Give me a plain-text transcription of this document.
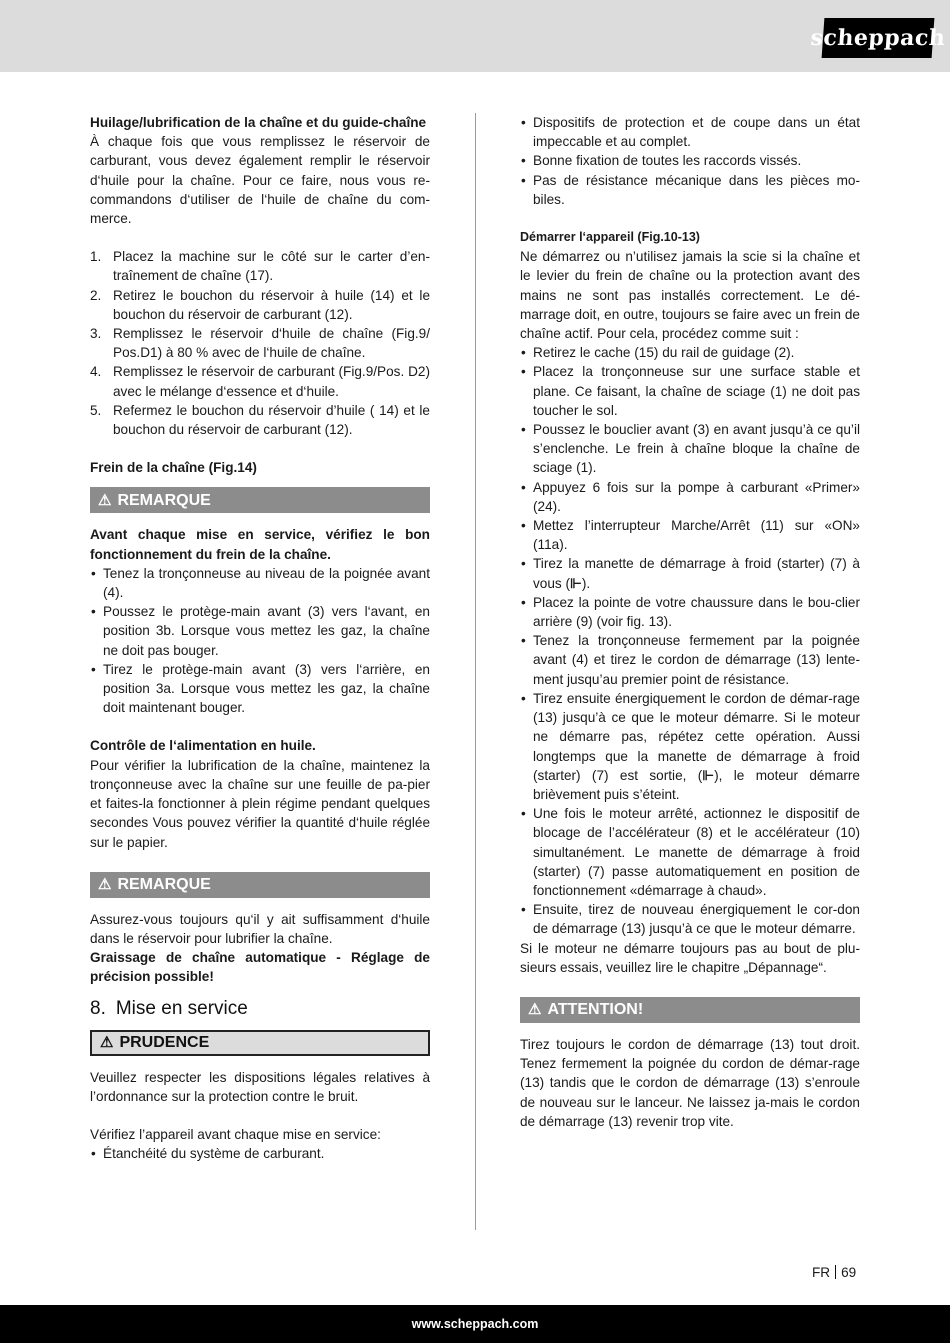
scheppach

Huilage/lubrification de la chaîne et du guide-chaîne

À chaque fois que vous remplissez le réservoir de carburant, vous devez également remplir le réservoir d‘huile pour la chaîne. Pour ce faire, nous vous re-commandons d‘utiliser de l‘huile de chaîne du com-merce.

1. Placez la machine sur le côté sur le carter d’en-traînement de chaîne (17).
2. Retirez le bouchon du réservoir à huile (14) et le bouchon du réservoir de carburant (12).
3. Remplissez le réservoir d‘huile de chaîne (Fig.9/ Pos.D1) à 80 % avec de l‘huile de chaîne.
4. Remplissez le réservoir de carburant (Fig.9/Pos. D2) avec le mélange d‘essence et d‘huile.
5. Refermez le bouchon du réservoir d’huile ( 14) et le bouchon du réservoir de carburant (12).

Frein de la chaîne (Fig.14)

⚠ REMARQUE

Avant chaque mise en service, vérifiez le bon fonctionnement du frein de la chaîne.

• Tenez la tronçonneuse au niveau de la poignée avant (4).
• Poussez le protège-main avant (3) vers l‘avant, en position 3b. Lorsque vous mettez les gaz, la chaîne ne doit pas bouger.
• Tirez le protège-main avant (3) vers l‘arrière, en position 3a. Lorsque vous mettez les gaz, la chaîne doit maintenant bouger.

Contrôle de l‘alimentation en huile.

Pour vérifier la lubrification de la chaîne, maintenez la tronçonneuse avec la chaîne sur une feuille de pa-pier et faites-la fonctionner à plein régime pendant quelques secondes Vous pouvez vérifier la quantité d‘huile réglée sur le papier.

⚠ REMARQUE

Assurez-vous toujours qu‘il y ait suffisamment d‘huile dans le réservoir pour lubrifier la chaîne.

Graissage de chaîne automatique - Réglage de précision possible!

8. Mise en service
⚠ PRUDENCE

Veuillez respecter les dispositions légales relatives à l’ordonnance sur la protection contre le bruit.

Vérifiez l’appareil avant chaque mise en service:

• Étanchéité du système de carburant.
• Dispositifs de protection et de coupe dans un état impeccable et au complet.
• Bonne fixation de toutes les raccords vissés.
• Pas de résistance mécanique dans les pièces mo-biles.

Démarrer l‘appareil (Fig.10-13)

Ne démarrez ou n’utilisez jamais la scie si la chaîne et le levier du frein de chaîne ou la protection avant des mains ne sont pas installés correctement. Le dé-marrage doit, en outre, toujours se faire avec un frein de chaîne actif. Pour cela, procédez comme suit :

• Retirez le cache (15) du rail de guidage (2).
• Placez la tronçonneuse sur une surface stable et plane. Ce faisant, la chaîne de sciage (1) ne doit pas toucher le sol.
• Poussez le bouclier avant (3) en avant jusqu’à ce qu’il s’enclenche. Le frein à chaîne bloque la chaîne de sciage (1).
• Appuyez 6 fois sur la pompe à carburant «Primer» (24).
• Mettez l’interrupteur Marche/Arrêt (11) sur «ON» (11a).
• Tirez la manette de démarrage à froid (starter) (7) à vous (⊩).
• Placez la pointe de votre chaussure dans le bou-clier arrière (9) (voir fig. 13).
• Tenez la tronçonneuse fermement par la poignée avant (4) et tirez le cordon de démarrage (13) lente-ment jusqu’au premier point de résistance.
• Tirez ensuite énergiquement le cordon de démar-rage (13) jusqu’à ce que le moteur démarre. Si le moteur ne démarre pas, répétez cette opération. Aussi longtemps que la manette de démarrage à froid (starter) (7) est sortie, (⊩), le moteur démarre brièvement puis s’éteint.
• Une fois le moteur arrêté, actionnez le dispositif de blocage de l’accélérateur (8) et le accélérateur (10) simultanément. Le manette de démarrage à froid (starter) (7) passe automatiquement en position de fonctionnement «démarrage à chaud».
• Ensuite, tirez de nouveau énergiquement le cor-don de démarrage (13) jusqu’à ce que le moteur démarre.

Si le moteur ne démarre toujours pas au bout de plu-sieurs essais, veuillez lire le chapitre „Dépannage“.

⚠ ATTENTION!

Tirez toujours le cordon de démarrage (13) tout droit. Tenez fermement la poignée du cordon de démar-rage (13) tandis que le cordon de démarrage (13) s’enroule de nouveau sur le lanceur. Ne laissez ja-mais le cordon de démarrage (13) revenir trop vite.

FR 69
www.scheppach.com
